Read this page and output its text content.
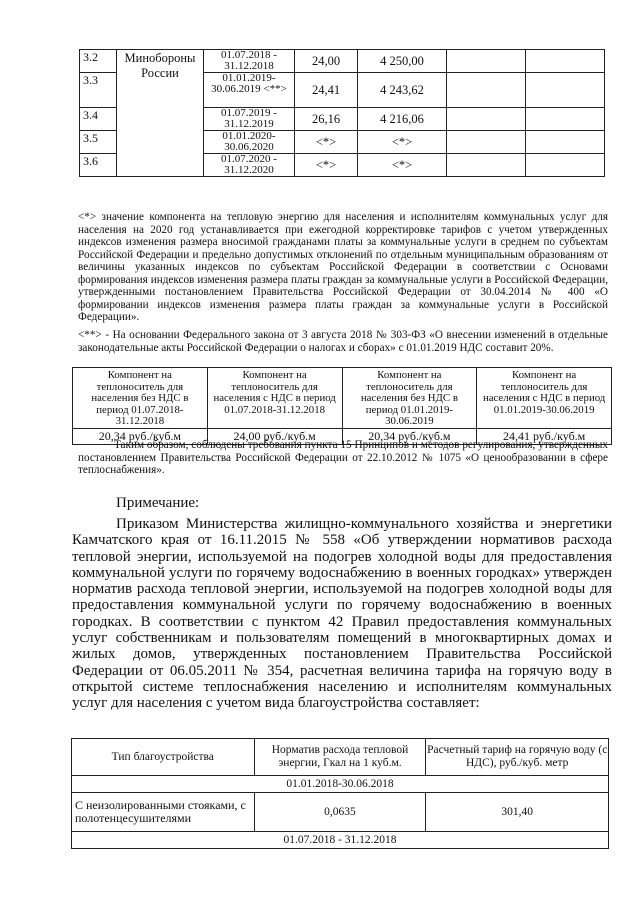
3.2	Минобороны России	01.07.2018 - 31.12.2018	24,00	4 250,00		
3.3		01.01.2019-30.06.2019 <**>	24,41	4 243,62		
3.4		01.07.2019 - 31.12.2019	26,16	4 216,06		
3.5		01.01.2020-30.06.2020	<*>	<*>		
3.6		01.07.2020 - 31.12.2020	<*>	<*>		
<*> значение компонента на тепловую энергию для населения и исполнителям коммунальных услуг для населения на 2020 год устанавливается при ежегодной корректировке тарифов с учетом утвержденных индексов изменения размера вносимой гражданами платы за коммунальные услуги в среднем по субъектам Российской Федерации и предельно допустимых отклонений по отдельным муниципальным образованиям от величины указанных индексов по субъектам Российской Федерации в соответствии с Основами формирования индексов изменения размера платы граждан за коммунальные услуги в Российской Федерации, утвержденными постановлением Правительства Российской Федерации от 30.04.2014 № 400 «О формировании индексов изменения размера платы граждан за коммунальные услуги в Российской Федерации».
<**> - На основании Федерального закона от 3 августа 2018 № 303-ФЗ «О внесении изменений в отдельные законодательные акты Российской Федерации о налогах и сборах» с 01.01.2019 НДС составит 20%.
Компонент на теплоноситель для населения без НДС в период 01.07.2018-31.12.2018	Компонент на теплоноситель для населения с НДС в период 01.07.2018-31.12.2018	Компонент на теплоноситель для населения без НДС в период 01.01.2019-30.06.2019	Компонент на теплоноситель для населения с НДС в период 01.01.2019-30.06.2019
20,34 руб./куб.м	24,00 руб./куб.м	20,34 руб./куб.м	24,41 руб./куб.м
Таким образом, соблюдены требования пункта 15 Принципов и методов регулирования, утвержденных постановлением Правительства Российской Федерации от 22.10.2012 № 1075 «О ценообразовании в сфере теплоснабжения».
Примечание:
Приказом Министерства жилищно-коммунального хозяйства и энергетики Камчатского края от 16.11.2015 № 558 «Об утверждении нормативов расхода тепловой энергии, используемой на подогрев холодной воды для предоставления коммунальной услуги по горячему водоснабжению в военных городках» утвержден норматив расхода тепловой энергии, используемой на подогрев холодной воды для предоставления коммунальной услуги по горячему водоснабжению в военных городках. В соответствии с пунктом 42 Правил предоставления коммунальных услуг собственникам и пользователям помещений в многоквартирных домах и жилых домов, утвержденных постановлением Правительства Российской Федерации от 06.05.2011 № 354, расчетная величина тарифа на горячую воду в открытой системе теплоснабжения населению и исполнителям коммунальных услуг для населения с учетом вида благоустройства составляет:
Тип благоустройства	Норматив расхода тепловой энергии, Гкал на 1 куб.м.	Расчетный тариф на горячую воду (с НДС), руб./куб. метр
01.01.2018-30.06.2018		
С неизолированными стояками, с полотенцесушителями	0,0635	301,40
01.07.2018 - 31.12.2018		
